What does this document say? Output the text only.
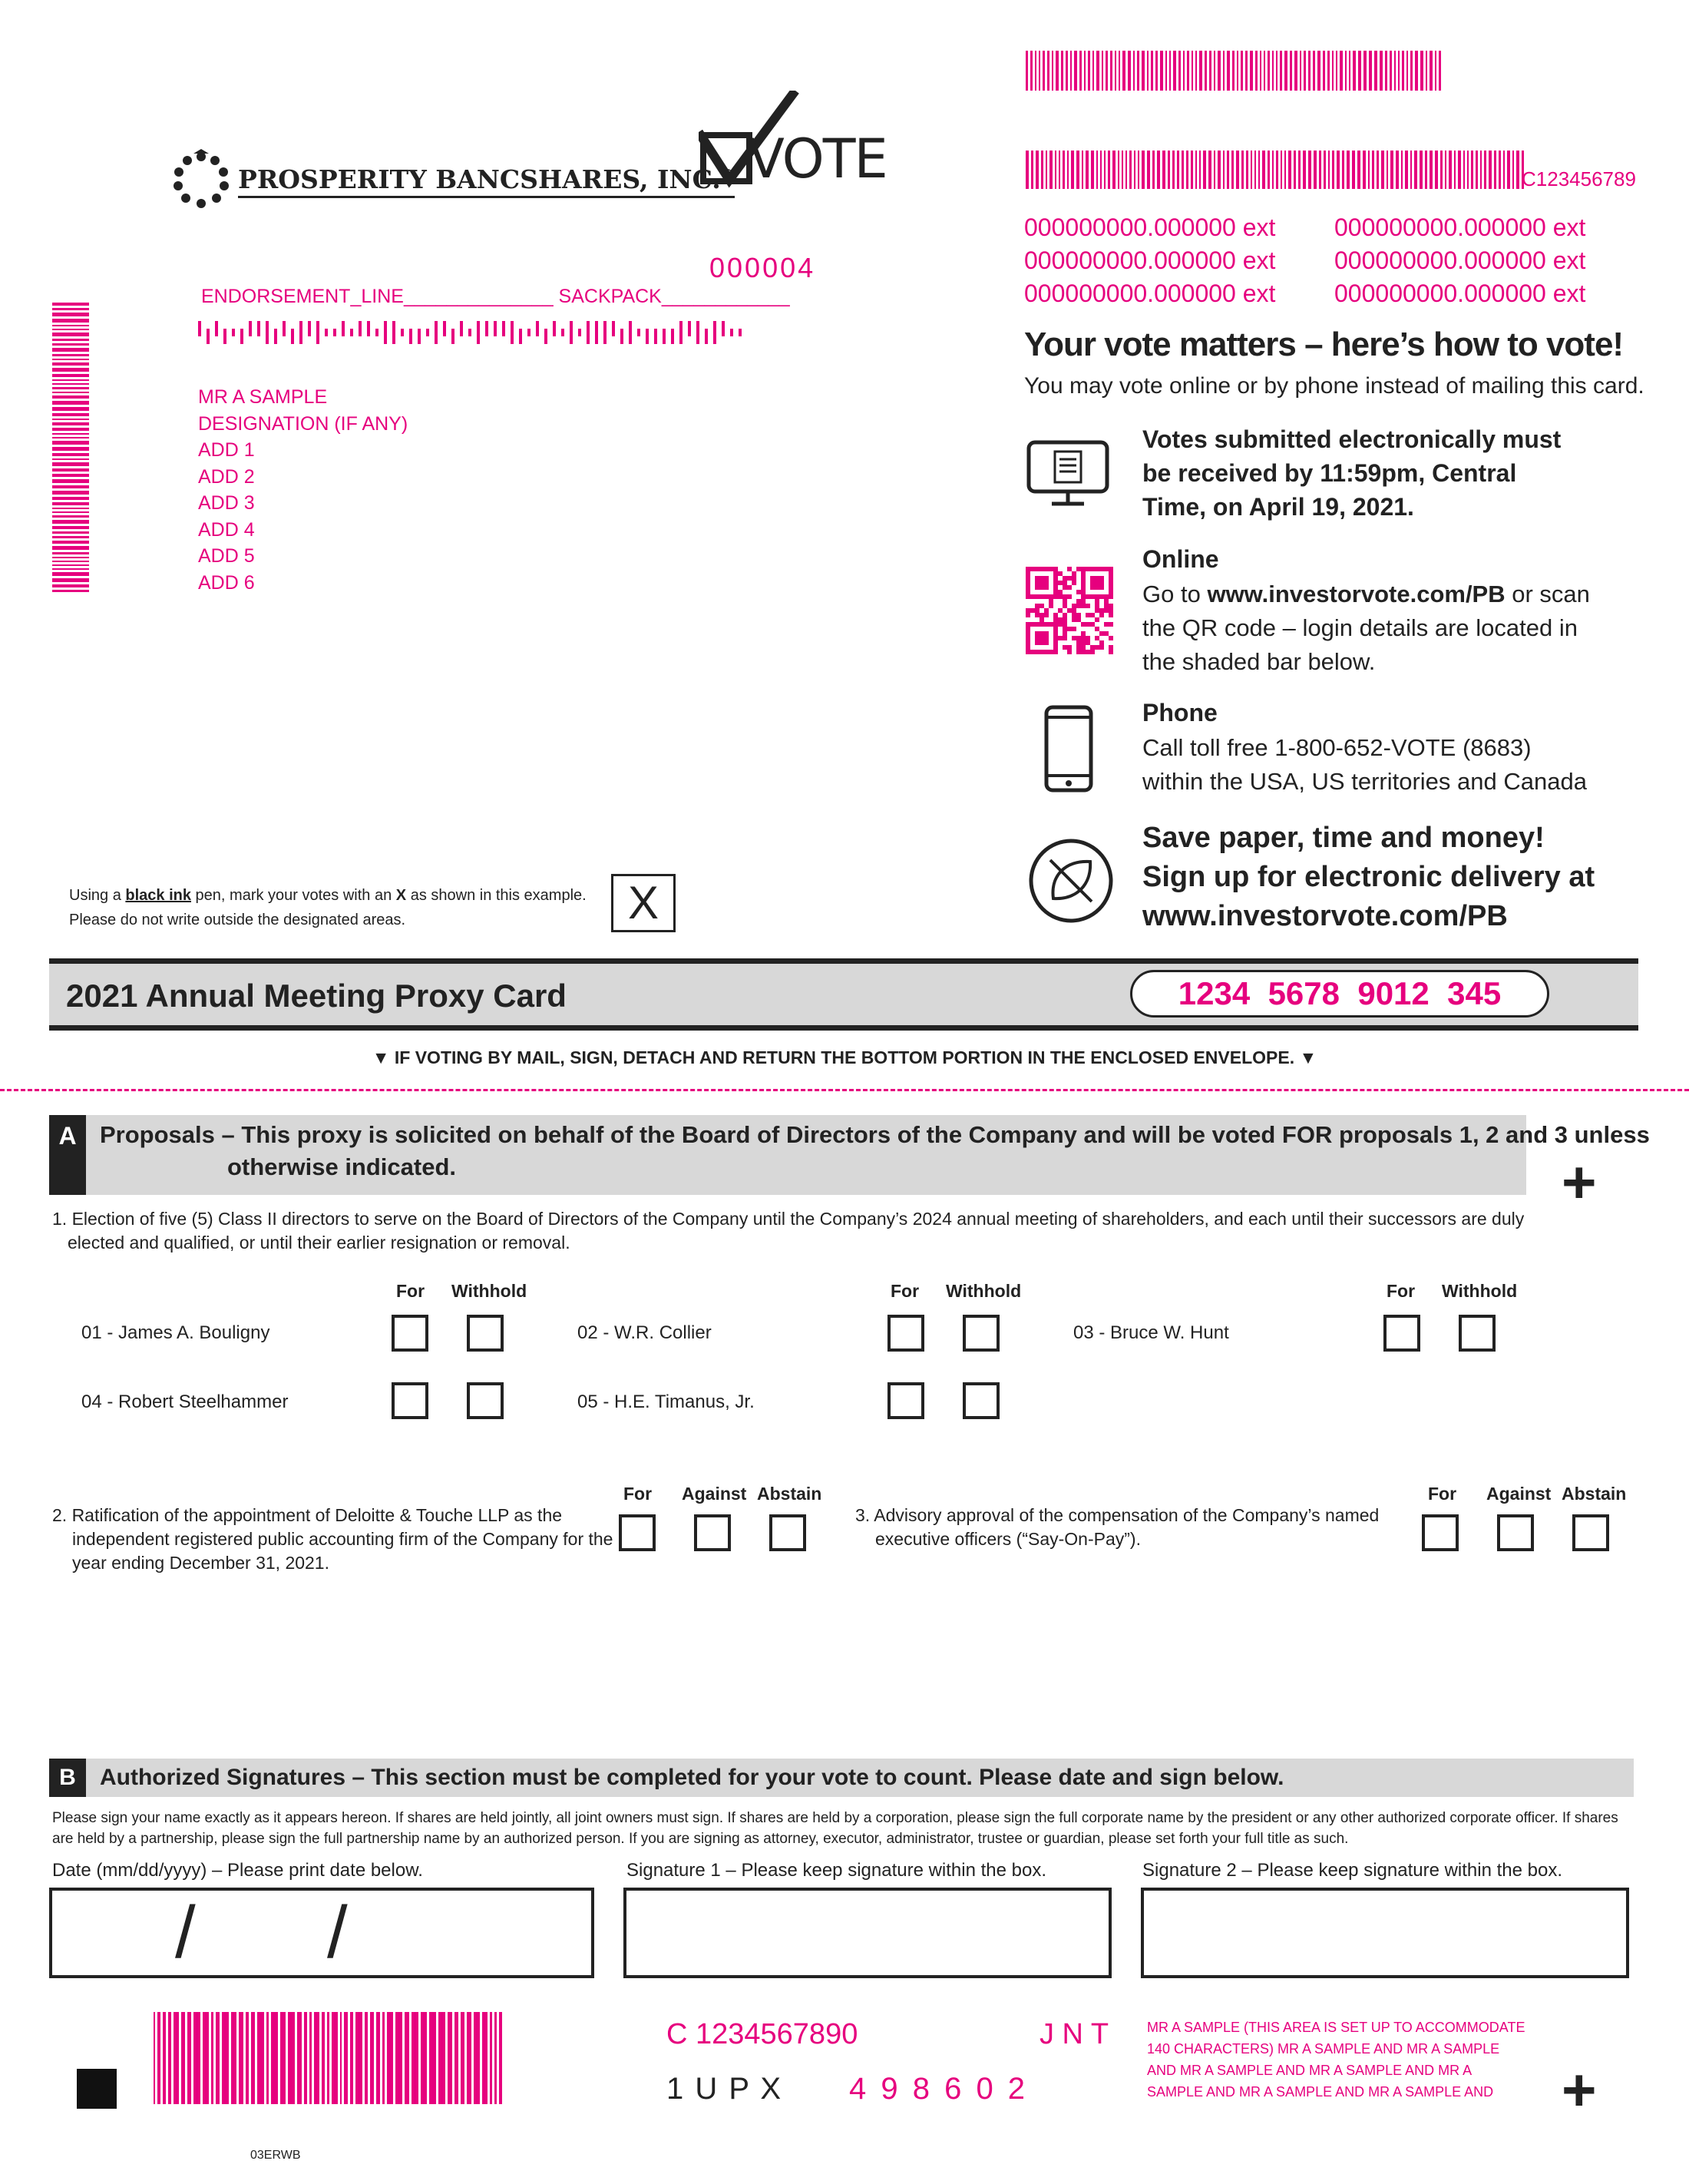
C123456789
000000000.000000 ext 000000000.000000 ext
000000000.000000 ext 000000000.000000 ext
000000000.000000 ext 000000000.000000 ext
PROSPERITY BANCSHARES, INC.® VOTE
000004
ENDORSEMENT_LINE______________ SACKPACK____________
MR A SAMPLE
DESIGNATION (IF ANY)
ADD 1
ADD 2
ADD 3
ADD 4
ADD 5
ADD 6
Your vote matters – here’s how to vote!
You may vote online or by phone instead of mailing this card.
Votes submitted electronically must be received by 11:59pm, Central Time, on April 19, 2021.
Online
Go to www.investorvote.com/PB or scan the QR code – login details are located in the shaded bar below.
Phone
Call toll free 1-800-652-VOTE (8683) within the USA, US territories and Canada
Save paper, time and money!
Sign up for electronic delivery at
www.investorvote.com/PB
Using a black ink pen, mark your votes with an X as shown in this example.
Please do not write outside the designated areas.	X
2021 Annual Meeting Proxy Card	1234  5678  9012  345
▼ IF VOTING BY MAIL, SIGN, DETACH AND RETURN THE BOTTOM PORTION IN THE ENCLOSED ENVELOPE. ▼
A Proposals – This proxy is solicited on behalf of the Board of Directors of the Company and will be voted FOR proposals 1, 2 and 3 unless
otherwise indicated.	+
1. Election of five (5) Class II directors to serve on the Board of Directors of the Company until the Company’s 2024 annual meeting of shareholders, and each until their successors are duly elected and qualified, or until their earlier resignation or removal.
For Withhold	For Withhold	For Withhold
01 - James A. Bouligny	02 - W.R. Collier	03 - Bruce W. Hunt
04 - Robert Steelhammer	05 - H.E. Timanus, Jr.
2. Ratification of the appointment of Deloitte & Touche LLP as the independent registered public accounting firm of the Company for the year ending December 31, 2021.
For Against Abstain
3. Advisory approval of the compensation of the Company’s named executive officers (“Say-On-Pay”).
For Against Abstain
B	Authorized Signatures – This section must be completed for your vote to count. Please date and sign below.
Please sign your name exactly as it appears hereon. If shares are held jointly, all joint owners must sign. If shares are held by a corporation, please sign the full corporate name by the president or any other authorized corporate officer. If shares are held by a partnership, please sign the full partnership name by an authorized person. If you are signing as attorney, executor, administrator, trustee or guardian, please set forth your full title as such.
Date (mm/dd/yyyy) – Please print date below.	Signature 1 – Please keep signature within the box.	Signature 2 – Please keep signature within the box.
/ /
C 1234567890	J N T
1 U P X 4 9 8 6 0 2
MR A SAMPLE (THIS AREA IS SET UP TO ACCOMMODATE 140 CHARACTERS) MR A SAMPLE AND MR A SAMPLE AND MR A SAMPLE AND MR A SAMPLE AND MR A SAMPLE AND MR A SAMPLE AND MR A SAMPLE AND	+
03ERWB
